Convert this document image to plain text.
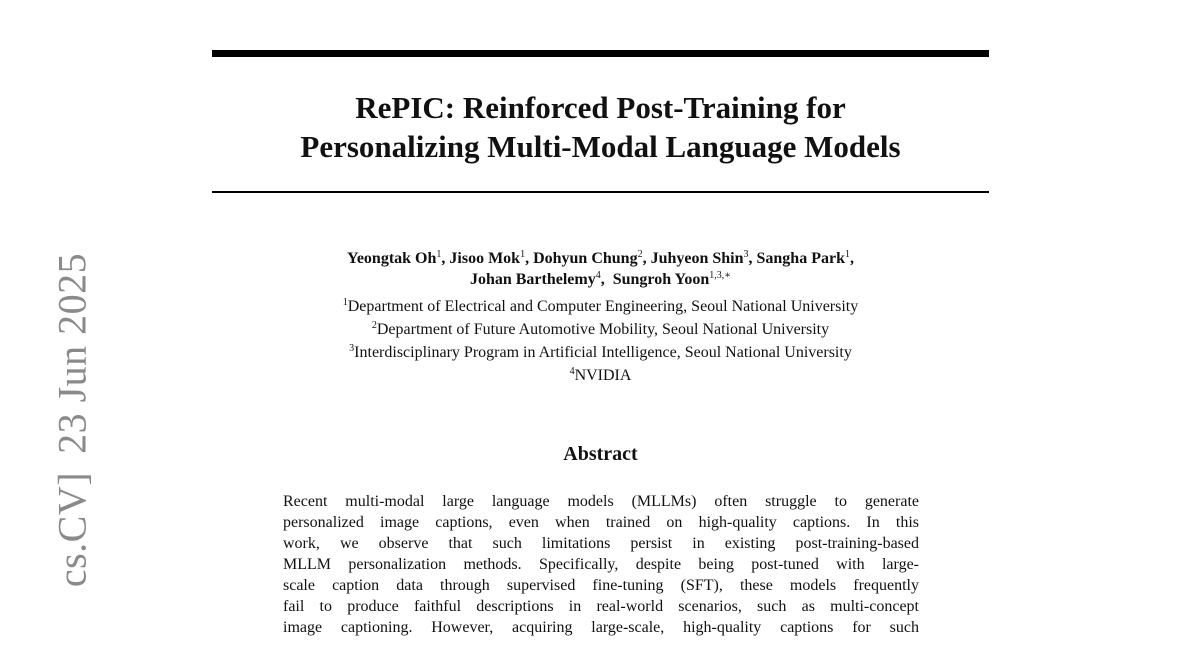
RePIC: Reinforced Post-Training for
Personalizing Multi-Modal Language Models
Yeongtak Oh$^1$, Jisoo Mok$^1$, Dohyun Chung$^2$, Juhyeon Shin$^3$, Sangha Park$^1$,
Johan Barthelemy$^4$,  Sungroh Yoon$^{1,3,∗}$
$^1$Department of Electrical and Computer Engineering, Seoul National University
$^2$Department of Future Automotive Mobility, Seoul National University
$^3$Interdisciplinary Program in Artificial Intelligence, Seoul National University
$^4$NVIDIA
Abstract
Recent multi-modal large language models (MLLMs) often struggle to generate
personalized image captions, even when trained on high-quality captions. In this
work, we observe that such limitations persist in existing post-training-based
MLLM personalization methods. Specifically, despite being post-tuned with large-
scale caption data through supervised fine-tuning (SFT), these models frequently
fail to produce faithful descriptions in real-world scenarios, such as multi-concept
image captioning. However, acquiring large-scale, high-quality captions for such
cs.CV]23 Jun 2025
